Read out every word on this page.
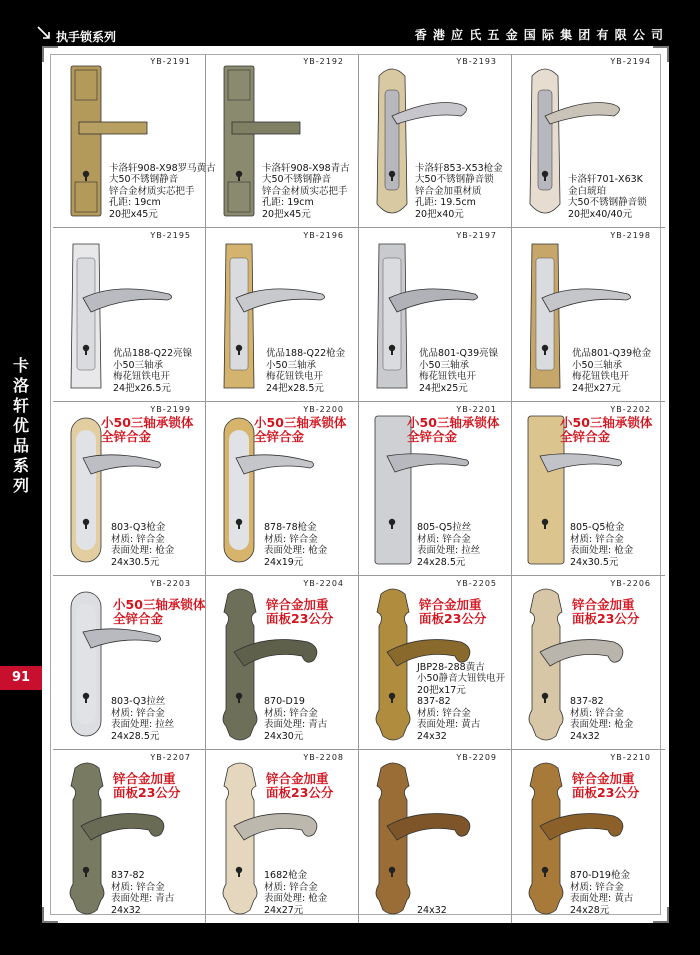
执手锁系列	香 港 应 氏 五 金 国 际 集 团 有 限 公 司
卡洛轩 优品系列
91
YB-2191
卡洛轩908-X98罗马黄古
大50不锈钢静音
锌合金材质实芯把手
孔距: 19cm
20把x45元
YB-2192
卡洛轩908-X98青古
大50不锈钢静音
锌合金材质实芯把手
孔距: 19cm
20把x45元
YB-2193
卡洛轩853-X53枪金
大50不锈钢静音锁
锌合金加重材质
孔距: 19.5cm
20把x40元
YB-2194
卡洛轩701-X63K
金白琥珀
大50不锈钢静音锁
20把x40/40元
YB-2195
优品188-Q22亮镍
小50三轴承
梅花钮铁电开
24把x26.5元
YB-2196
优品188-Q22枪金
小50三轴承
梅花钮铁电开
24把x28.5元
YB-2197
优品801-Q39亮镍
小50三轴承
梅花钮铁电开
24把x25元
YB-2198
优品801-Q39枪金
小50三轴承
梅花钮铁电开
24把x27元
YB-2199
小50三轴承锁体
全锌合金
803-Q3枪金
材质: 锌合金
表面处理: 枪金
24x30.5元
YB-2200
小50三轴承锁体
全锌合金
878-78枪金
材质: 锌合金
表面处理: 枪金
24x19元
YB-2201
小50三轴承锁体
全锌合金
805-Q5拉丝
材质: 锌合金
表面处理: 拉丝
24x28.5元
YB-2202
小50三轴承锁体
全锌合金
805-Q5枪金
材质: 锌合金
表面处理: 枪金
24x30.5元
YB-2203
小50三轴承锁体
全锌合金
803-Q3拉丝
材质: 锌合金
表面处理: 拉丝
24x28.5元
YB-2204
锌合金加重
面板23公分
870-D19
材质: 锌合金
表面处理: 青古
24x30元
YB-2205
锌合金加重
面板23公分
JBP28-288黄古
小50静音大钮铁电开
20把x17元
837-82
材质: 锌合金
表面处理: 黄古
24x32
YB-2206
锌合金加重
面板23公分
837-82
材质: 锌合金
表面处理: 枪金
24x32
YB-2207
锌合金加重
面板23公分
837-82
材质: 锌合金
表面处理: 青古
24x32
YB-2208
锌合金加重
面板23公分
1682枪金
材质: 锌合金
表面处理: 枪金
24x27元
YB-2209
24x32
YB-2210
锌合金加重
面板23公分
870-D19枪金
材质: 锌合金
表面处理: 黄古
24x28元
